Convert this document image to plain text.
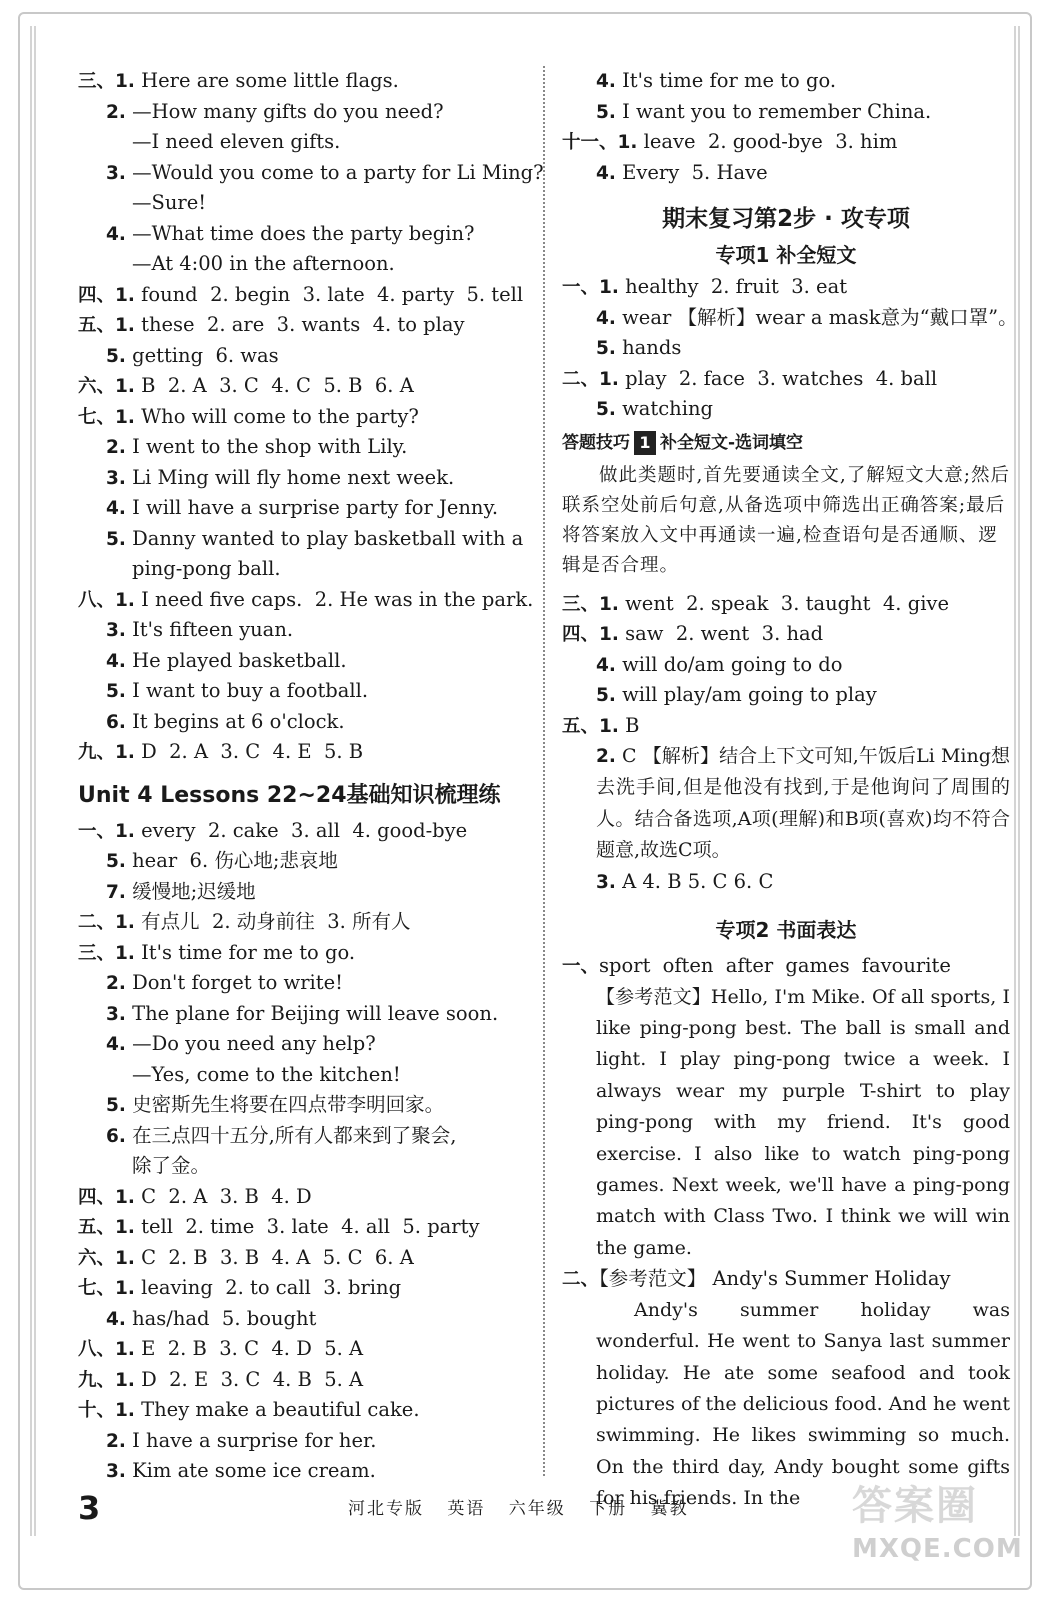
三、1. Here are some little flags.
2. —How many gifts do you need?
—I need eleven gifts.
3. —Would you come to a party for Li Ming?
—Sure!
4. —What time does the party begin?
—At 4:00 in the afternoon.
四、1. found  2. begin  3. late  4. party  5. tell
五、1. these  2. are  3. wants  4. to play
5. getting  6. was
六、1. B  2. A  3. C  4. C  5. B  6. A
七、1. Who will come to the party?
2. I went to the shop with Lily.
3. Li Ming will fly home next week.
4. I will have a surprise party for Jenny.
5. Danny wanted to play basketball with a
ping-pong ball.
八、1. I need five caps.  2. He was in the park.
3. It's fifteen yuan.
4. He played basketball.
5. I want to buy a football.
6. It begins at 6 o'clock.
九、1. D  2. A  3. C  4. E  5. B
Unit 4 Lessons 22~24基础知识梳理练
一、1. every  2. cake  3. all  4. good-bye
5. hear  6. 伤心地;悲哀地
7. 缓慢地;迟缓地
二、1. 有点儿  2. 动身前往  3. 所有人
三、1. It's time for me to go.
2. Don't forget to write!
3. The plane for Beijing will leave soon.
4. —Do you need any help?
—Yes, come to the kitchen!
5. 史密斯先生将要在四点带李明回家。
6. 在三点四十五分,所有人都来到了聚会,
除了金。
四、1. C  2. A  3. B  4. D
五、1. tell  2. time  3. late  4. all  5. party
六、1. C  2. B  3. B  4. A  5. C  6. A
七、1. leaving  2. to call  3. bring
4. has/had  5. bought
八、1. E  2. B  3. C  4. D  5. A
九、1. D  2. E  3. C  4. B  5. A
十、1. They make a beautiful cake.
2. I have a surprise for her.
3. Kim ate some ice cream.
4. It's time for me to go.
5. I want you to remember China.
十一、1. leave  2. good-bye  3. him
4. Every  5. Have
期末复习第2步 · 攻专项
专项1 补全短文
一、1. healthy  2. fruit  3. eat
4. wear 【解析】wear a mask意为“戴口罩”。
5. hands
二、1. play  2. face  3. watches  4. ball
5. watching
答题技巧 1 补全短文-选词填空
做此类题时,首先要通读全文,了解短文大意;然后联系空处前后句意,从备选项中筛选出正确答案;最后将答案放入文中再通读一遍,检查语句是否通顺、逻辑是否合理。
三、1. went  2. speak  3. taught  4. give
四、1. saw  2. went  3. had
4. will do/am going to do
5. will play/am going to play
五、1. B
2. C 【解析】结合上下文可知,午饭后Li Ming想去洗手间,但是他没有找到,于是他询问了周围的人。结合备选项,A项(理解)和B项(喜欢)均不符合题意,故选C项。
3. A 4. B 5. C 6. C
专项2 书面表达
一、sport often after games favourite
【参考范文】Hello, I'm Mike. Of all sports, I like ping-pong best. The ball is small and light. I play ping-pong twice a week. I always wear my purple T-shirt to play ping-pong with my friend. It's good exercise. I also like to watch ping-pong games. Next week, we'll have a ping-pong match with Class Two. I think we will win the game.
二、【参考范文】 Andy's Summer Holiday
Andy's summer holiday was wonderful. He went to Sanya last summer holiday. He ate some seafood and took pictures of the delicious food. And he went swimming. He likes swimming so much. On the third day, Andy bought some gifts for his friends. In the
3	河北专版 英语 六年级 下册 冀教	答案圈
MXQE.COM
